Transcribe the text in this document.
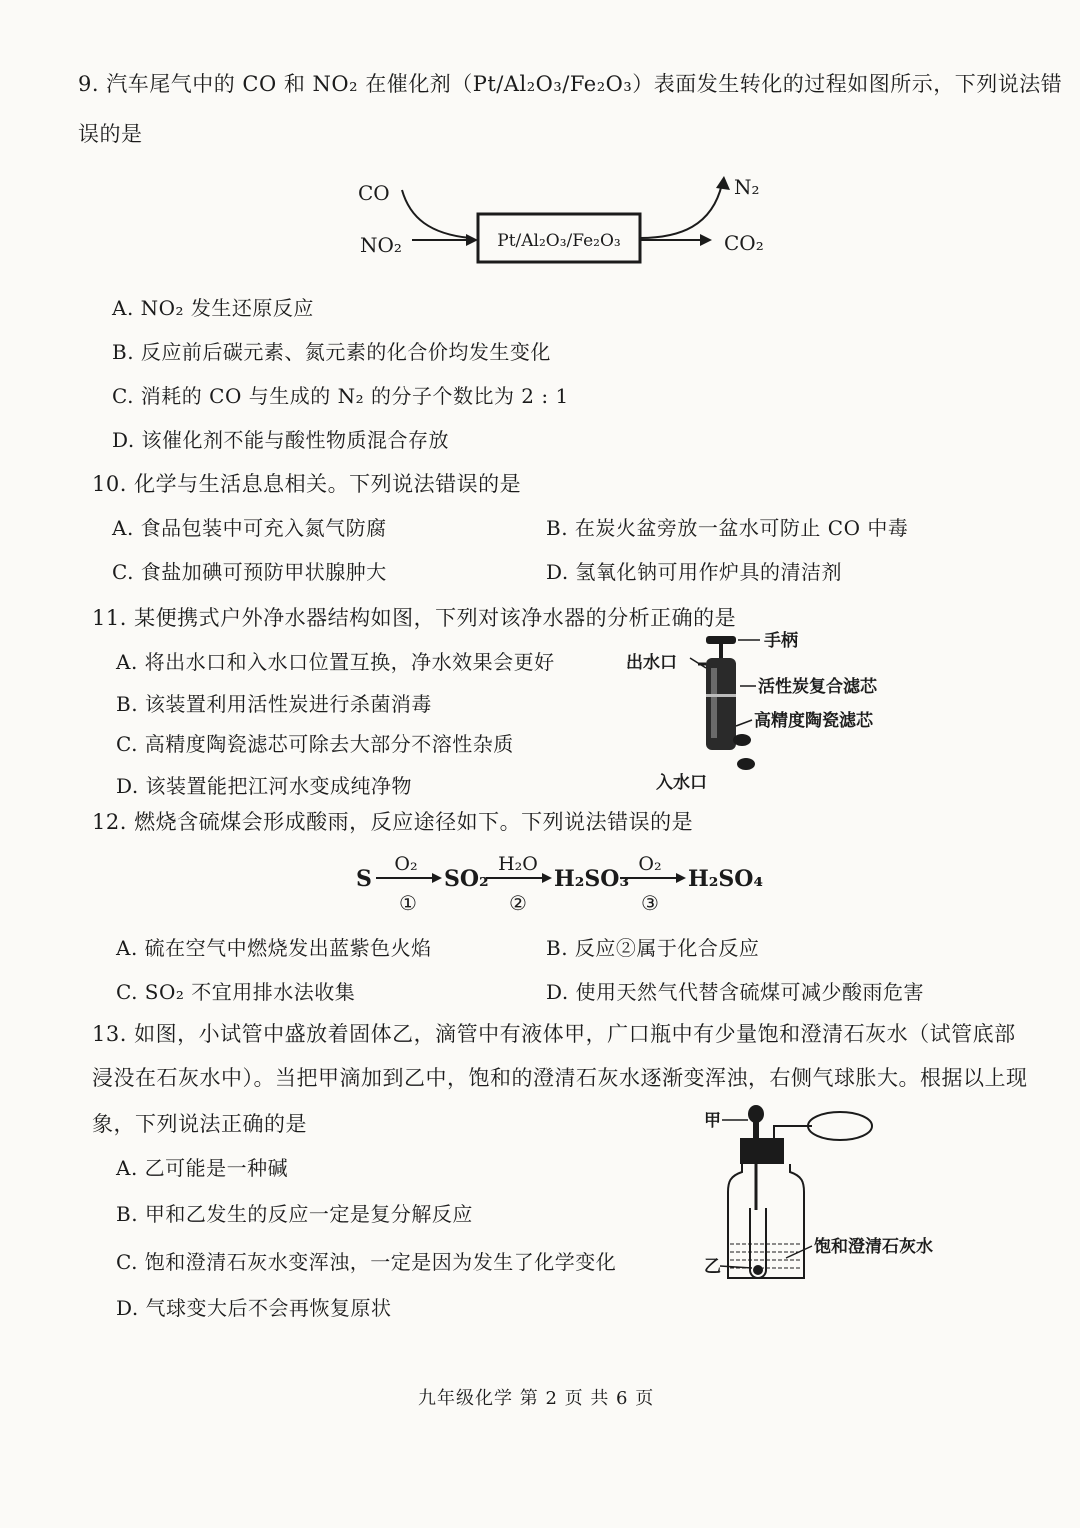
9. 汽车尾气中的 CO 和 NO₂ 在催化剂（Pt/Al₂O₃/Fe₂O₃）表面发生转化的过程如图所示，下列说法错
误的是
CO
NO₂	Pt/Al₂O₃/Fe₂O₃
N₂
CO₂
A. NO₂ 发生还原反应
B. 反应前后碳元素、氮元素的化合价均发生变化
C. 消耗的 CO 与生成的 N₂ 的分子个数比为 2 : 1
D. 该催化剂不能与酸性物质混合存放
10. 化学与生活息息相关。下列说法错误的是
A. 食品包装中可充入氮气防腐	B. 在炭火盆旁放一盆水可防止 CO 中毒
C. 食盐加碘可预防甲状腺肿大	D. 氢氧化钠可用作炉具的清洁剂
11. 某便携式户外净水器结构如图，下列对该净水器的分析正确的是
A. 将出水口和入水口位置互换，净水效果会更好
B. 该装置利用活性炭进行杀菌消毒
C. 高精度陶瓷滤芯可除去大部分不溶性杂质
D. 该装置能把江河水变成纯净物
手柄
出水口
活性炭复合滤芯
高精度陶瓷滤芯
入水口
12. 燃烧含硫煤会形成酸雨，反应途径如下。下列说法错误的是
S
O₂
①
SO₂
H₂O
②
H₂SO₃
O₂
③
H₂SO₄
A. 硫在空气中燃烧发出蓝紫色火焰	B. 反应②属于化合反应
C. SO₂ 不宜用排水法收集	D. 使用天然气代替含硫煤可减少酸雨危害
13. 如图，小试管中盛放着固体乙，滴管中有液体甲，广口瓶中有少量饱和澄清石灰水（试管底部
浸没在石灰水中）。当把甲滴加到乙中，饱和的澄清石灰水逐渐变浑浊，右侧气球胀大。根据以上现
象，下列说法正确的是	甲
乙
饱和澄清石灰水
A. 乙可能是一种碱
B. 甲和乙发生的反应一定是复分解反应
C. 饱和澄清石灰水变浑浊，一定是因为发生了化学变化
D. 气球变大后不会再恢复原状
九年级化学 第 2 页 共 6 页
